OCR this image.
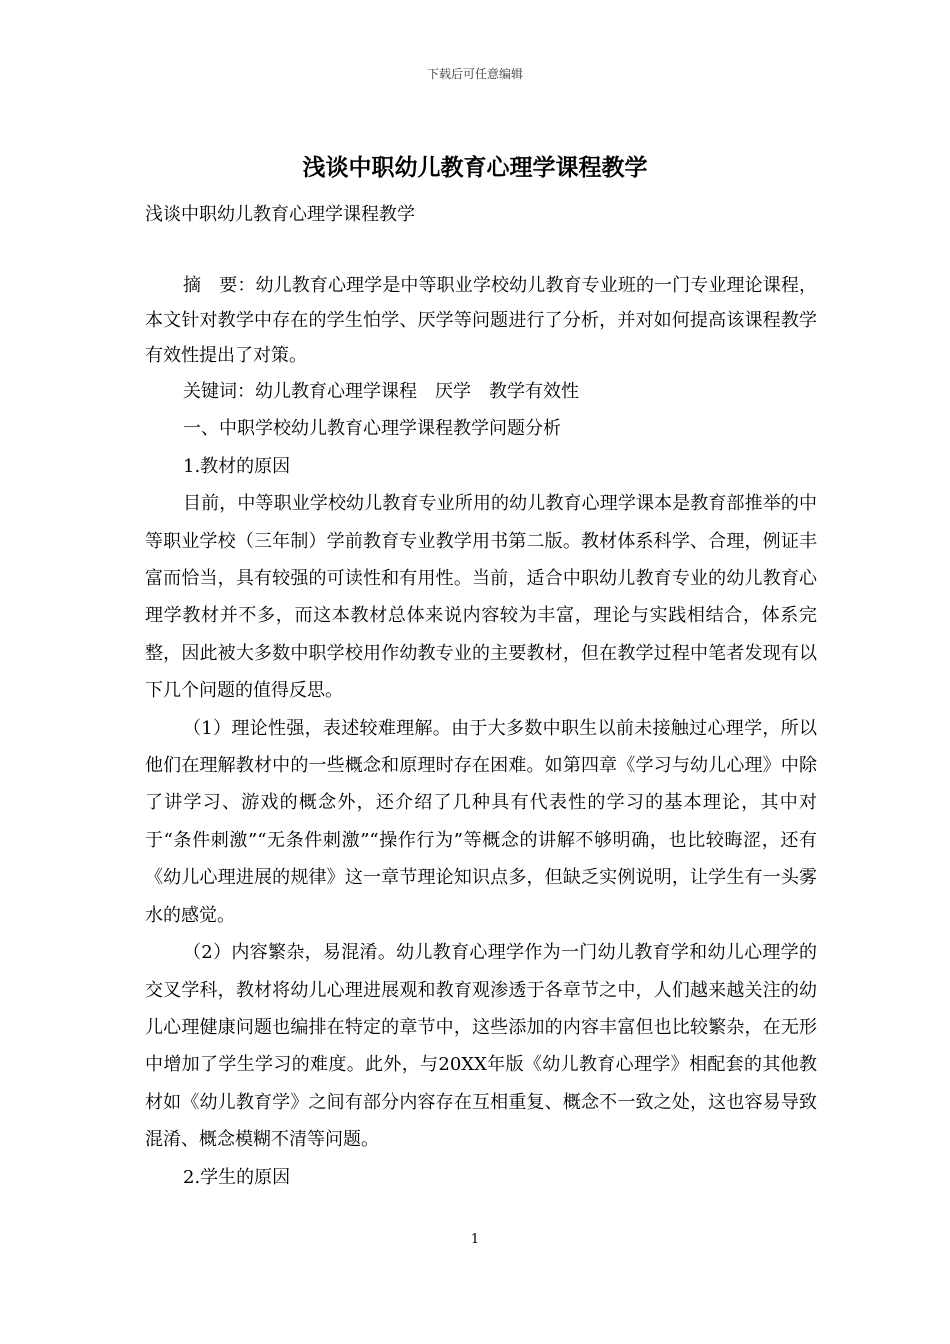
下载后可任意编辑
浅谈中职幼儿教育心理学课程教学

浅谈中职幼儿教育心理学课程教学

摘　要：幼儿教育心理学是中等职业学校幼儿教育专业班的一门专业理论课程，本文针对教学中存在的学生怕学、厌学等问题进行了分析，并对如何提高该课程教学有效性提出了对策。

关键词：幼儿教育心理学课程　厌学　教学有效性

一、中职学校幼儿教育心理学课程教学问题分析

1.教材的原因

目前，中等职业学校幼儿教育专业所用的幼儿教育心理学课本是教育部推举的中等职业学校（三年制）学前教育专业教学用书第二版。教材体系科学、合理，例证丰富而恰当，具有较强的可读性和有用性。当前，适合中职幼儿教育专业的幼儿教育心理学教材并不多，而这本教材总体来说内容较为丰富，理论与实践相结合，体系完整，因此被大多数中职学校用作幼教专业的主要教材，但在教学过程中笔者发现有以下几个问题的值得反思。

（1）理论性强，表述较难理解。由于大多数中职生以前未接触过心理学，所以他们在理解教材中的一些概念和原理时存在困难。如第四章《学习与幼儿心理》中除了讲学习、游戏的概念外，还介绍了几种具有代表性的学习的基本理论，其中对于“条件刺激”“无条件刺激”“操作行为”等概念的讲解不够明确，也比较晦涩，还有《幼儿心理进展的规律》这一章节理论知识点多，但缺乏实例说明，让学生有一头雾水的感觉。

（2）内容繁杂，易混淆。幼儿教育心理学作为一门幼儿教育学和幼儿心理学的交叉学科，教材将幼儿心理进展观和教育观渗透于各章节之中，人们越来越关注的幼儿心理健康问题也编排在特定的章节中，这些添加的内容丰富但也比较繁杂，在无形中增加了学生学习的难度。此外，与20XX年版《幼儿教育心理学》相配套的其他教材如《幼儿教育学》之间有部分内容存在互相重复、概念不一致之处，这也容易导致混淆、概念模糊不清等问题。

2.学生的原因

1
